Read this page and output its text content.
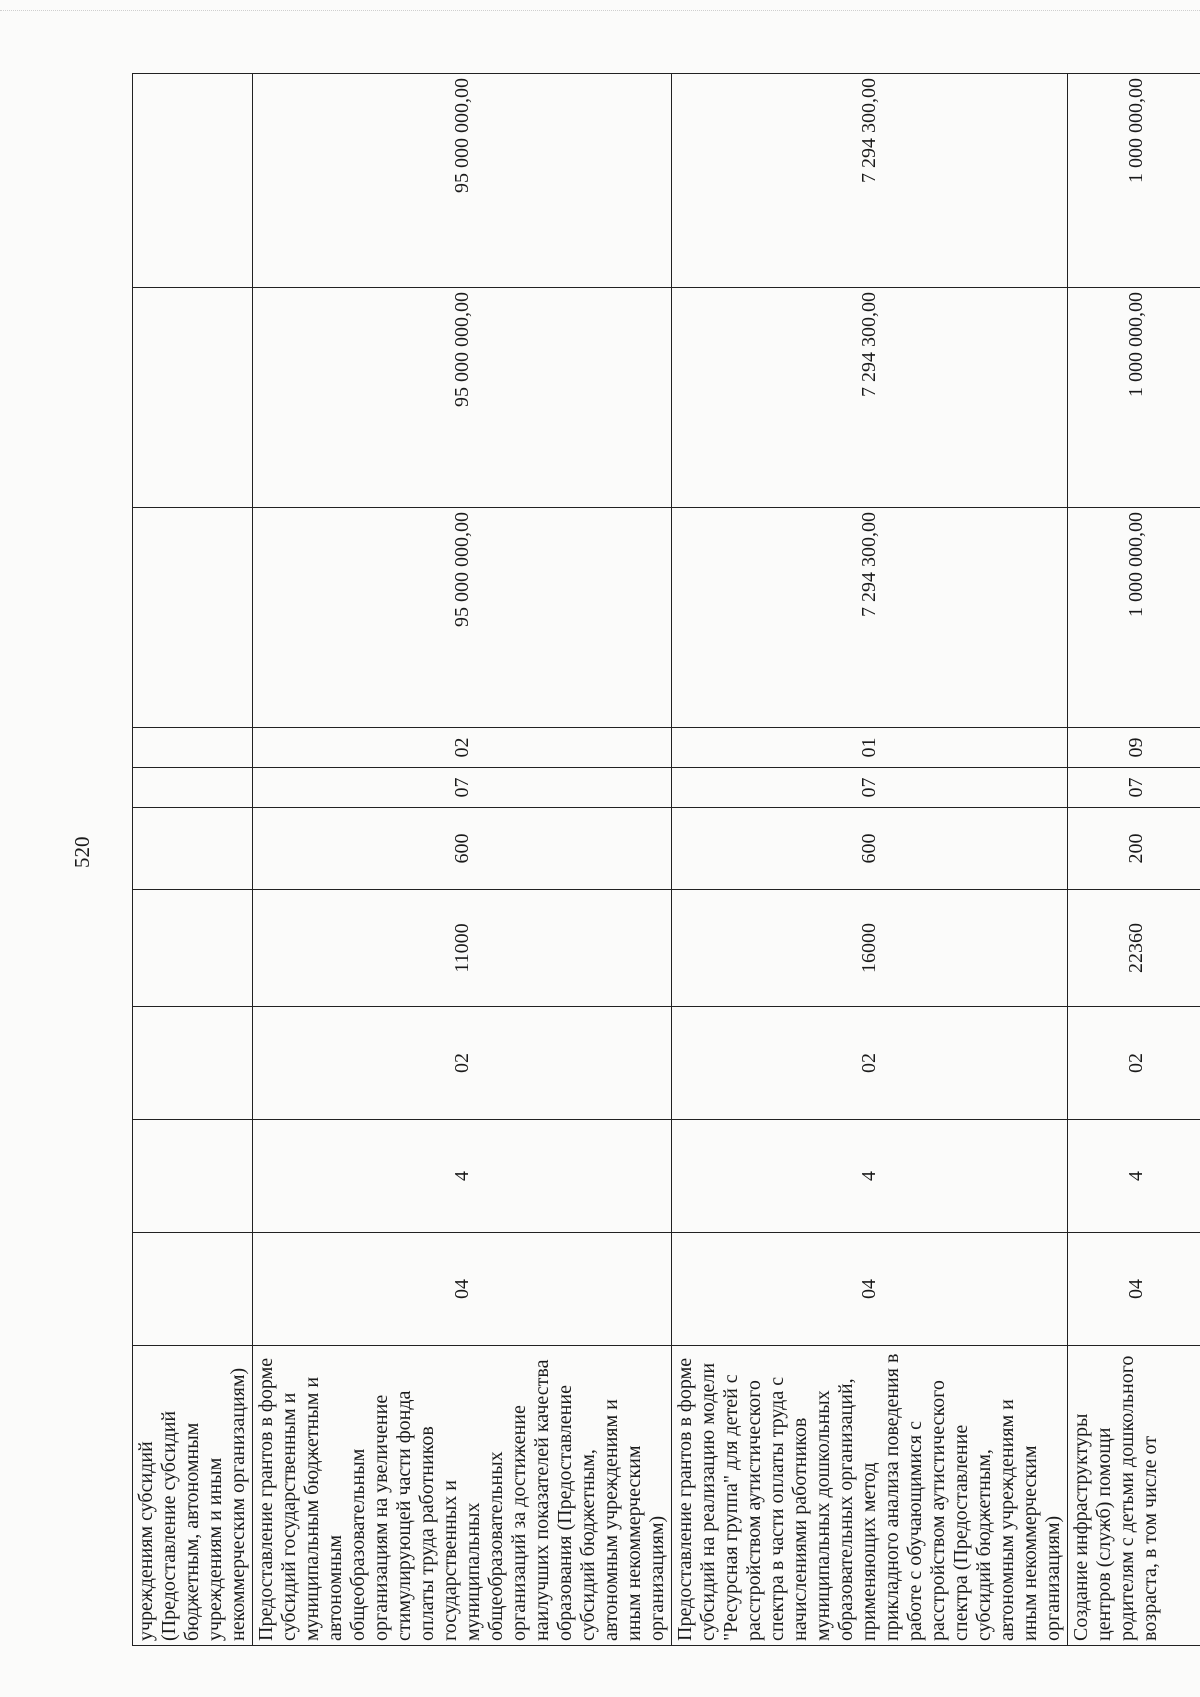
520
учреждениям субсидий (Предоставление субсидий бюджетным, автономным учреждениям и иным некоммерческим организациям)										
Предоставление грантов в форме субсидий государственным и муниципальным бюджетным и автономным общеобразовательным организациям на увеличение стимулирующей части фонда оплаты труда работников государственных и муниципальных общеобразовательных организаций за достижение наилучших показателей качества образования (Предоставление субсидий бюджетным, автономным учреждениям и иным некоммерческим организациям)	04	4	02	11000	600	07	02	95 000 000,00	95 000 000,00	95 000 000,00
Предоставление грантов в форме субсидий на реализацию модели "Ресурсная группа" для детей с расстройством аутистического спектра в части оплаты труда с начислениями работников муниципальных дошкольных образовательных организаций, применяющих метод прикладного анализа поведения в работе с обучающимися с расстройством аутистического спектра (Предоставление субсидий бюджетным, автономным учреждениям и иным некоммерческим организациям)	04	4	02	16000	600	07	01	7 294 300,00	7 294 300,00	7 294 300,00
Создание инфраструктуры центров (служб) помощи родителям с детьми дошкольного возраста, в том числе от	04	4	02	22360	200	07	09	1 000 000,00	1 000 000,00	1 000 000,00
